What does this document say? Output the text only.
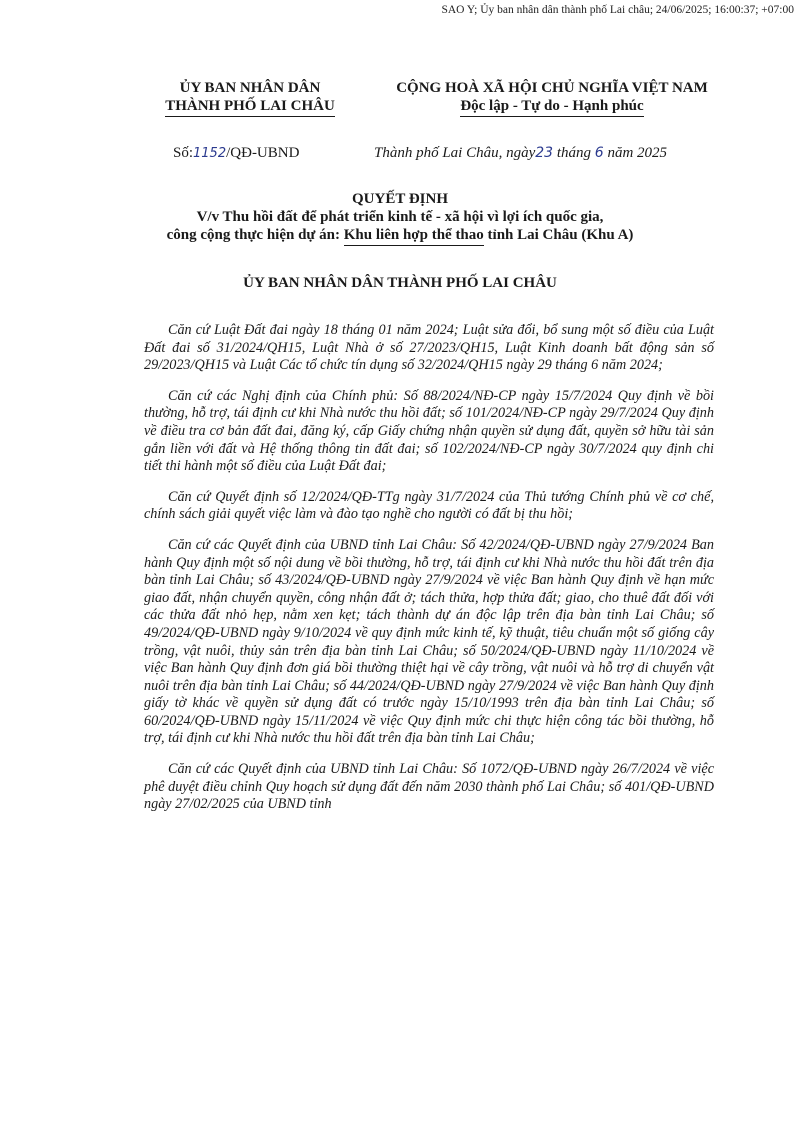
SAO Y; Ủy ban nhân dân thành phố Lai châu; 24/06/2025; 16:00:37; +07:00
ỦY BAN NHÂN DÂN
THÀNH PHỐ LAI CHÂU
CỘNG HOÀ XÃ HỘI CHỦ NGHĨA VIỆT NAM
Độc lập - Tự do - Hạnh phúc
Số:1152/QĐ-UBND	Thành phố Lai Châu, ngày23 tháng 6 năm 2025
QUYẾT ĐỊNH
V/v Thu hồi đất để phát triển kinh tế - xã hội vì lợi ích quốc gia,
công cộng thực hiện dự án: Khu liên hợp thể thao tỉnh Lai Châu (Khu A)
ỦY BAN NHÂN DÂN THÀNH PHỐ LAI CHÂU

Căn cứ Luật Đất đai ngày 18 tháng 01 năm 2024; Luật sửa đổi, bổ sung một số điều của Luật Đất đai số 31/2024/QH15, Luật Nhà ở số 27/2023/QH15, Luật Kinh doanh bất động sản số 29/2023/QH15 và Luật Các tổ chức tín dụng số 32/2024/QH15 ngày 29 tháng 6 năm 2024;

Căn cứ các Nghị định của Chính phủ: Số 88/2024/NĐ-CP ngày 15/7/2024 Quy định về bồi thường, hỗ trợ, tái định cư khi Nhà nước thu hồi đất; số 101/2024/NĐ-CP ngày 29/7/2024 Quy định về điều tra cơ bản đất đai, đăng ký, cấp Giấy chứng nhận quyền sử dụng đất, quyền sở hữu tài sản gắn liền với đất và Hệ thống thông tin đất đai; số 102/2024/NĐ-CP ngày 30/7/2024 quy định chi tiết thi hành một số điều của Luật Đất đai;

Căn cứ Quyết định số 12/2024/QĐ-TTg ngày 31/7/2024 của Thủ tướng Chính phủ về cơ chế, chính sách giải quyết việc làm và đào tạo nghề cho người có đất bị thu hồi;

Căn cứ các Quyết định của UBND tỉnh Lai Châu: Số 42/2024/QĐ-UBND ngày 27/9/2024 Ban hành Quy định một số nội dung về bồi thường, hỗ trợ, tái định cư khi Nhà nước thu hồi đất trên địa bàn tỉnh Lai Châu; số 43/2024/QĐ-UBND ngày 27/9/2024 về việc Ban hành Quy định về hạn mức giao đất, nhận chuyển quyền, công nhận đất ở; tách thửa, hợp thửa đất; giao, cho thuê đất đối với các thửa đất nhỏ hẹp, nằm xen kẹt; tách thành dự án độc lập trên địa bàn tỉnh Lai Châu; số 49/2024/QĐ-UBND ngày 9/10/2024 về quy định mức kinh tế, kỹ thuật, tiêu chuẩn một số giống cây trồng, vật nuôi, thủy sản trên địa bàn tỉnh Lai Châu; số 50/2024/QĐ-UBND ngày 11/10/2024 về việc Ban hành Quy định đơn giá bồi thường thiệt hại về cây trồng, vật nuôi và hỗ trợ di chuyển vật nuôi trên địa bàn tỉnh Lai Châu; số 44/2024/QĐ-UBND ngày 27/9/2024 về việc Ban hành Quy định giấy tờ khác về quyền sử dụng đất có trước ngày 15/10/1993 trên địa bàn tỉnh Lai Châu; số 60/2024/QĐ-UBND ngày 15/11/2024 về việc Quy định mức chi thực hiện công tác bồi thường, hỗ trợ, tái định cư khi Nhà nước thu hồi đất trên địa bàn tỉnh Lai Châu;

Căn cứ các Quyết định của UBND tỉnh Lai Châu: Số 1072/QĐ-UBND ngày 26/7/2024 về việc phê duyệt điều chỉnh Quy hoạch sử dụng đất đến năm 2030 thành phố Lai Châu; số 401/QĐ-UBND ngày 27/02/2025 của UBND tỉnh
